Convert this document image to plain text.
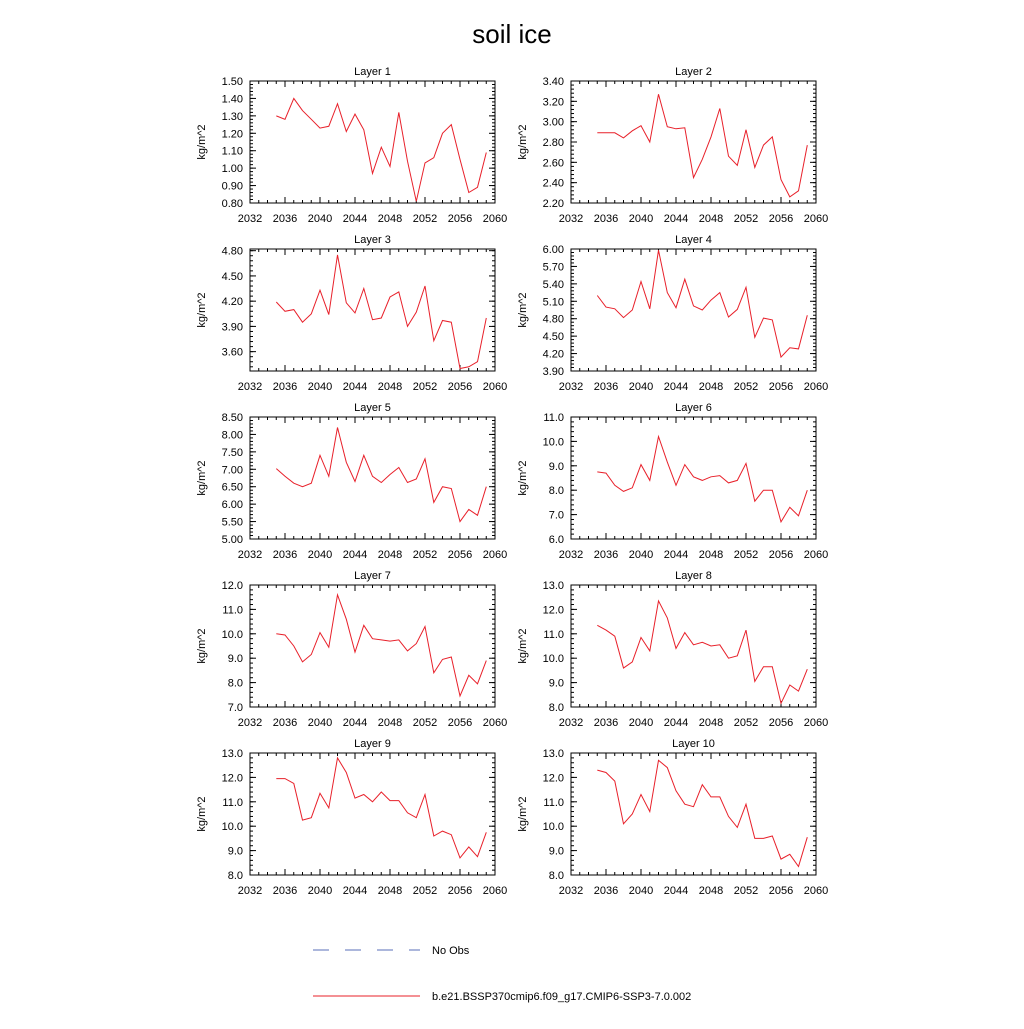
soil ice
Layer 1
2032 2036 2040 2044 2048 2052 2056 2060
0.80
0.90
1.00
1.10
1.20
1.30
1.40
1.50
kg/m^2
Layer 2
2032 2036 2040 2044 2048 2052 2056 2060
2.20
2.40
2.60
2.80
3.00
3.20
3.40
kg/m^2
Layer 3
2032 2036 2040 2044 2048 2052 2056 2060
3.60
3.90
4.20
4.50
4.80
kg/m^2
Layer 4
2032 2036 2040 2044 2048 2052 2056 2060
3.90
4.20
4.50
4.80
5.10
5.40
5.70
6.00
kg/m^2
Layer 5
2032 2036 2040 2044 2048 2052 2056 2060
5.00
5.50
6.00
6.50
7.00
7.50
8.00
8.50
kg/m^2
Layer 6
2032 2036 2040 2044 2048 2052 2056 2060
6.0
7.0
8.0
9.0
10.0
11.0
kg/m^2
Layer 7
2032 2036 2040 2044 2048 2052 2056 2060
7.0
8.0
9.0
10.0
11.0
12.0
kg/m^2
Layer 8
2032 2036 2040 2044 2048 2052 2056 2060
8.0
9.0
10.0
11.0
12.0
13.0
kg/m^2
Layer 9
2032 2036 2040 2044 2048 2052 2056 2060
8.0
9.0
10.0
11.0
12.0
13.0
kg/m^2
Layer 10
2032 2036 2040 2044 2048 2052 2056 2060
8.0
9.0
10.0
11.0
12.0
13.0
kg/m^2
No Obs
b.e21.BSSP370cmip6.f09_g17.CMIP6-SSP3-7.0.002
